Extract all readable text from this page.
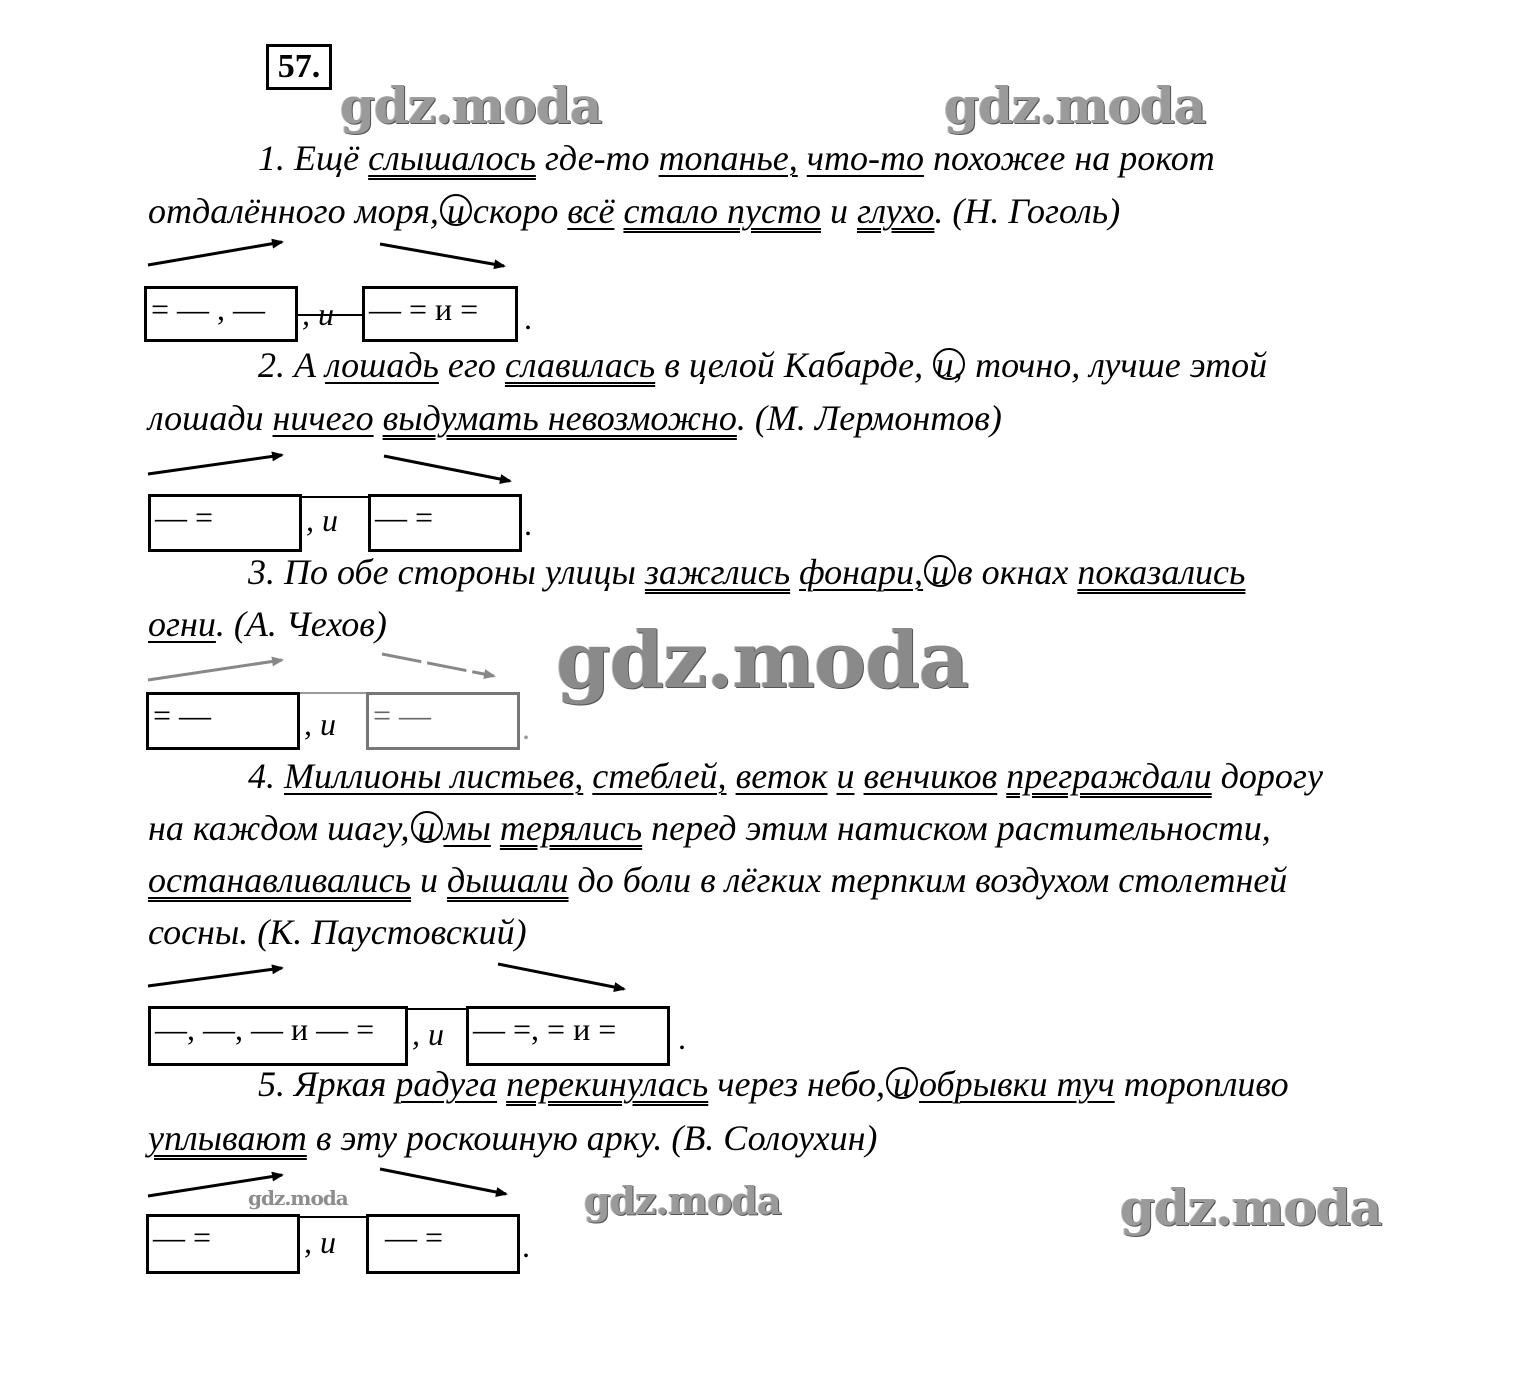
57.
gdz.moda	gdz.moda
gdz.moda
gdz.moda	gdz.moda	gdz.moda
1. Ещё слышалось где-то топанье, что-то похожее на рокот
отдалённого моря, и скоро всё стало пусто и глухо. (Н. Гоголь)
= — , —	, и — = и =	.
2. А лошадь его славилась в целой Кабарде, и, точно, лучше этой
лошади ничего выдумать невозможно. (М. Лермонтов)
— =	, и — =	.
3. По обе стороны улицы зажглись фонари, и в окнах показались
огни. (А. Чехов)
= —	, и = —	.
4. Миллионы листьев, стеблей, веток и венчиков преграждали дорогу
на каждом шагу, и мы терялись перед этим натиском растительности,
останавливались и дышали до боли в лёгких терпким воздухом столетней
сосны. (К. Паустовский)
—, —, — и — =	, и — =, = и =	.
5. Яркая радуга перекинулась через небо, и обрывки туч торопливо
уплывают в эту роскошную арку. (В. Солоухин)
— =	, и	— =	.
